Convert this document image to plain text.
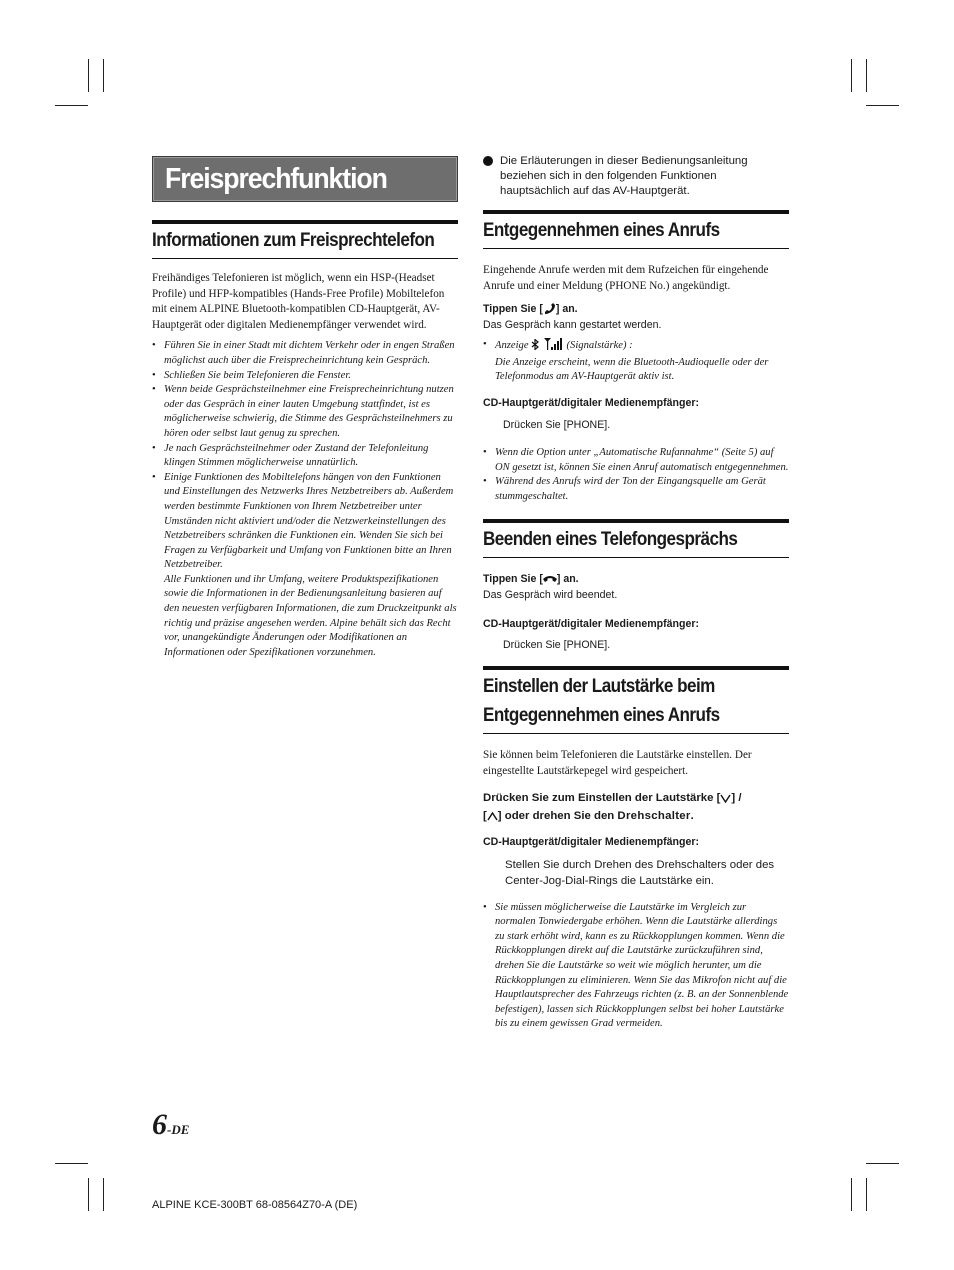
Freisprechfunktion
Informationen zum Freisprechtelefon

Freihändiges Telefonieren ist möglich, wenn ein HSP-(Headset Profile) und HFP-kompatibles (Hands-Free Profile) Mobiltelefon mit einem ALPINE Bluetooth-kompatiblen CD-Hauptgerät, AV-Hauptgerät oder digitalen Medienempfänger verwendet wird.

• Führen Sie in einer Stadt mit dichtem Verkehr oder in engen Straßen möglichst auch über die Freisprecheinrichtung kein Gespräch.
• Schließen Sie beim Telefonieren die Fenster.
• Wenn beide Gesprächsteilnehmer eine Freisprecheinrichtung nutzen oder das Gespräch in einer lauten Umgebung stattfindet, ist es möglicherweise schwierig, die Stimme des Gesprächsteilnehmers zu hören oder selbst laut genug zu sprechen.
• Je nach Gesprächsteilnehmer oder Zustand der Telefonleitung klingen Stimmen möglicherweise unnatürlich.
• Einige Funktionen des Mobiltelefons hängen von den Funktionen und Einstellungen des Netzwerks Ihres Netzbetreibers ab. Außerdem werden bestimmte Funktionen von Ihrem Netzbetreiber unter Umständen nicht aktiviert und/oder die Netzwerkeinstellungen des Netzbetreibers schränken die Funktionen ein. Wenden Sie sich bei Fragen zu Verfügbarkeit und Umfang von Funktionen bitte an Ihren Netzbetreiber.

Alle Funktionen und ihr Umfang, weitere Produktspezifikationen sowie die Informationen in der Bedienungsanleitung basieren auf den neuesten verfügbaren Informationen, die zum Druckzeitpunkt als richtig und präzise angesehen werden. Alpine behält sich das Recht vor, unangekündigte Änderungen oder Modifikationen an Informationen oder Spezifikationen vorzunehmen.

Die Erläuterungen in dieser Bedienungsanleitung beziehen sich in den folgenden Funktionen hauptsächlich auf das AV-Hauptgerät.
Entgegennehmen eines Anrufs

Eingehende Anrufe werden mit dem Rufzeichen für eingehende Anrufe und einer Meldung (PHONE No.) angekündigt.

Tippen Sie [ ] an.
Das Gespräch kann gestartet werden.
• Anzeige	(Signalstärke) :
Die Anzeige erscheint, wenn die Bluetooth-Audioquelle oder der Telefonmodus am AV-Hauptgerät aktiv ist.
CD-Hauptgerät/digitaler Medienempfänger:
Drücken Sie [PHONE].
• Wenn die Option unter „Automatische Rufannahme“ (Seite 5) auf ON gesetzt ist, können Sie einen Anruf automatisch entgegennehmen.
• Während des Anrufs wird der Ton der Eingangsquelle am Gerät stummgeschaltet.
Beenden eines Telefongesprächs
Tippen Sie [ ] an.
Das Gespräch wird beendet.
CD-Hauptgerät/digitaler Medienempfänger:
Drücken Sie [PHONE].
Einstellen der Lautstärke beim
Entgegennehmen eines Anrufs

Sie können beim Telefonieren die Lautstärke einstellen. Der eingestellte Lautstärkepegel wird gespeichert.

Drücken Sie zum Einstellen der Lautstärke [ ] /
[ ] oder drehen Sie den Drehschalter.
CD-Hauptgerät/digitaler Medienempfänger:
Stellen Sie durch Drehen des Drehschalters oder des Center-Jog-Dial-Rings die Lautstärke ein.
• Sie müssen möglicherweise die Lautstärke im Vergleich zur normalen Tonwiedergabe erhöhen. Wenn die Lautstärke allerdings zu stark erhöht wird, kann es zu Rückkopplungen kommen. Wenn die Rückkopplungen direkt auf die Lautstärke zurückzuführen sind, drehen Sie die Lautstärke so weit wie möglich herunter, um die Rückkopplungen zu eliminieren. Wenn Sie das Mikrofon nicht auf die Hauptlautsprecher des Fahrzeugs richten (z. B. an der Sonnenblende befestigen), lassen sich Rückkopplungen selbst bei hoher Lautstärke bis zu einem gewissen Grad vermeiden.
6-DE
ALPINE KCE-300BT 68-08564Z70-A (DE)
